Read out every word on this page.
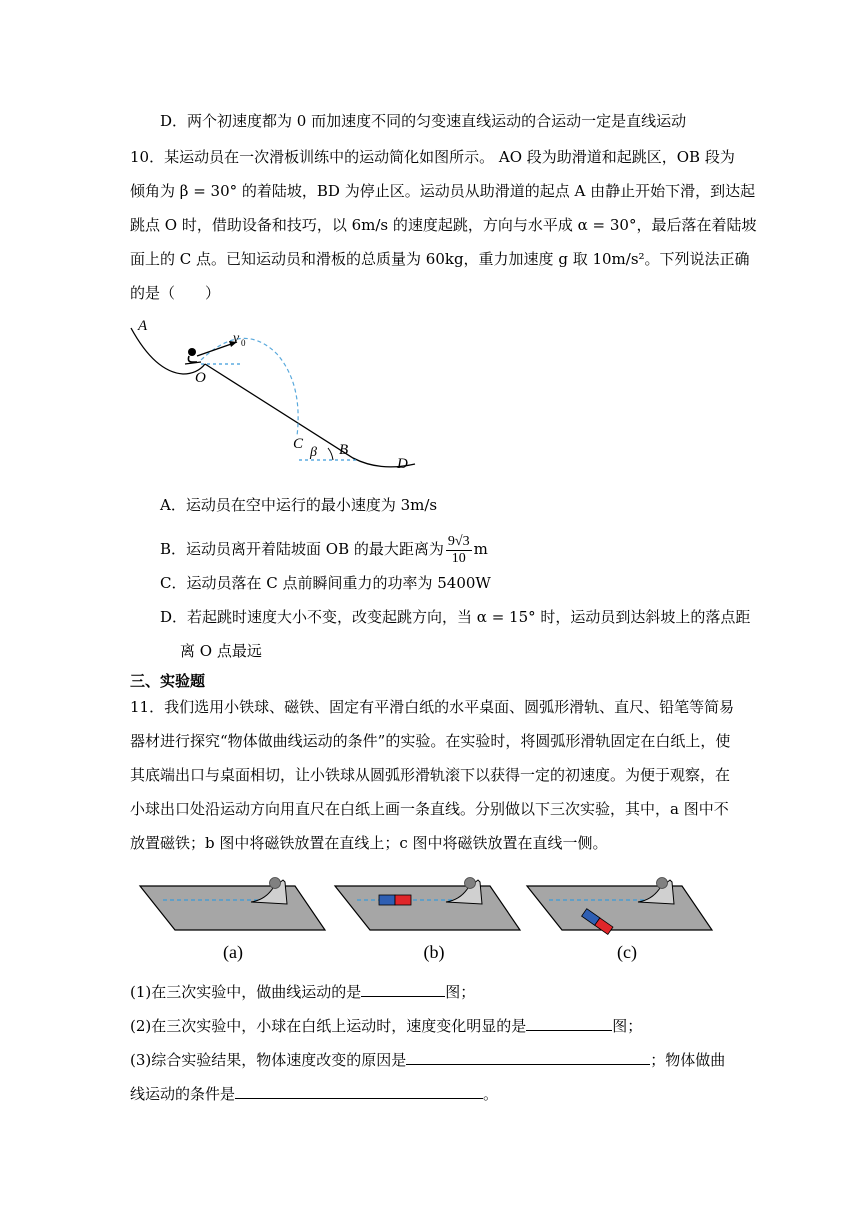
D．两个初速度都为 0 而加速度不同的匀变速直线运动的合运动一定是直线运动
10．某运动员在一次滑板训练中的运动简化如图所示。 AO 段为助滑道和起跳区，OB 段为
倾角为 β = 30° 的着陆坡，BD 为停止区。运动员从助滑道的起点 A 由静止开始下滑，到达起
跳点 O 时，借助设备和技巧，以 6m/s 的速度起跳，方向与水平成 α = 30°，最后落在着陆坡
面上的 C 点。已知运动员和滑板的总质量为 60kg，重力加速度 g 取 10m/s²。下列说法正确
的是（　　）
A
O
v 0
C
β B
D
A．运动员在空中运行的最小速度为 3m/s
B．运动员离开着陆坡面 OB 的最大距离为 $\frac{9√3}{10}$ m
C．运动员落在 C 点前瞬间重力的功率为 5400W
D．若起跳时速度大小不变，改变起跳方向，当 α = 15° 时，运动员到达斜坡上的落点距
离 O 点最远
三、实验题
11．我们选用小铁球、磁铁、固定有平滑白纸的水平桌面、圆弧形滑轨、直尺、铅笔等简易
器材进行探究“物体做曲线运动的条件”的实验。在实验时，将圆弧形滑轨固定在白纸上，使
其底端出口与桌面相切，让小铁球从圆弧形滑轨滚下以获得一定的初速度。为便于观察，在
小球出口处沿运动方向用直尺在白纸上画一条直线。分别做以下三次实验，其中，a 图中不
放置磁铁；b 图中将磁铁放置在直线上；c 图中将磁铁放置在直线一侧。
(a)	(b)	(c)
(1)在三次实验中，做曲线运动的是	图；
(2)在三次实验中，小球在白纸上运动时，速度变化明显的是	图；
(3)综合实验结果，物体速度改变的原因是	；物体做曲
线运动的条件是	。
